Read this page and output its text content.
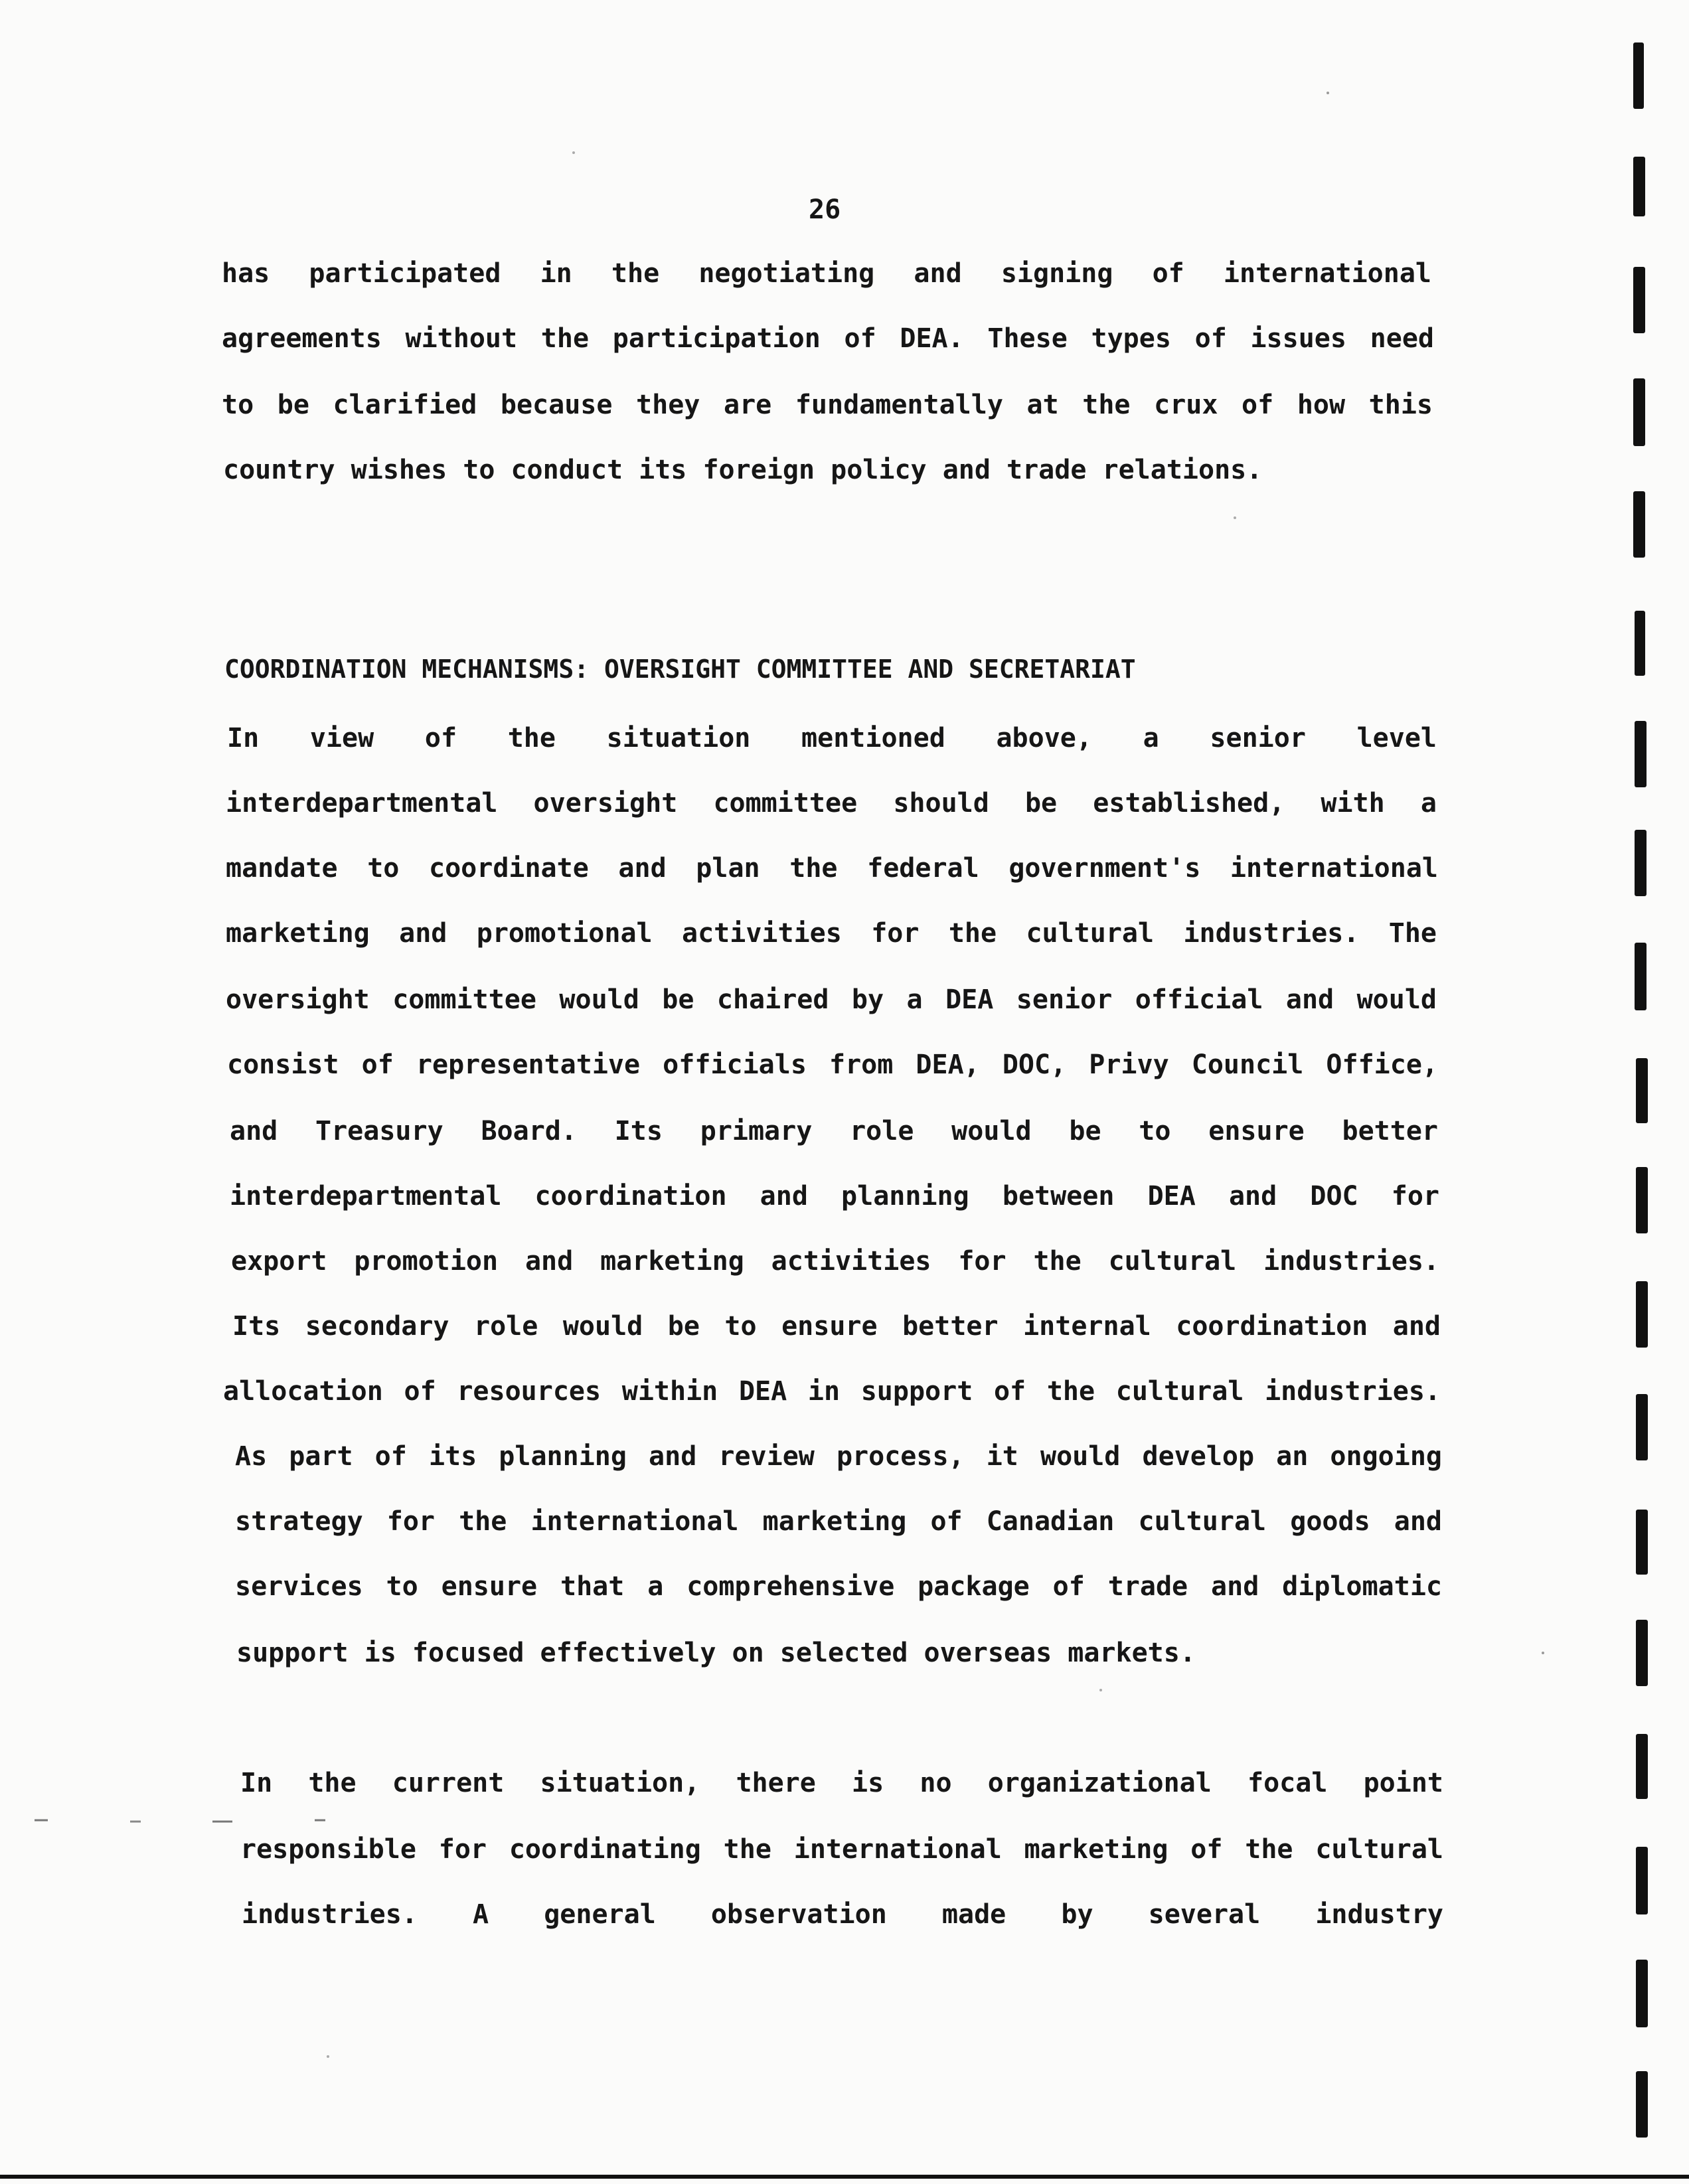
26
has participated in the negotiating and signing of international
agreements without the participation of DEA. These types of issues need
to be clarified because they are fundamentally at the crux of how this
country wishes to conduct its foreign policy and trade relations.
COORDINATION MECHANISMS: OVERSIGHT COMMITTEE AND SECRETARIAT
In view of the situation mentioned above, a senior level
interdepartmental oversight committee should be established, with a
mandate to coordinate and plan the federal government's international
marketing and promotional activities for the cultural industries. The
oversight committee would be chaired by a DEA senior official and would
consist of representative officials from DEA, DOC, Privy Council Office,
and Treasury Board. Its primary role would be to ensure better
interdepartmental coordination and planning between DEA and DOC for
export promotion and marketing activities for the cultural industries.
Its secondary role would be to ensure better internal coordination and
allocation of resources within DEA in support of the cultural industries.
As part of its planning and review process, it would develop an ongoing
strategy for the international marketing of Canadian cultural goods and
services to ensure that a comprehensive package of trade and diplomatic
support is focused effectively on selected overseas markets.
In the current situation, there is no organizational focal point
responsible for coordinating the international marketing of the cultural
industries. A general observation made by several industry
